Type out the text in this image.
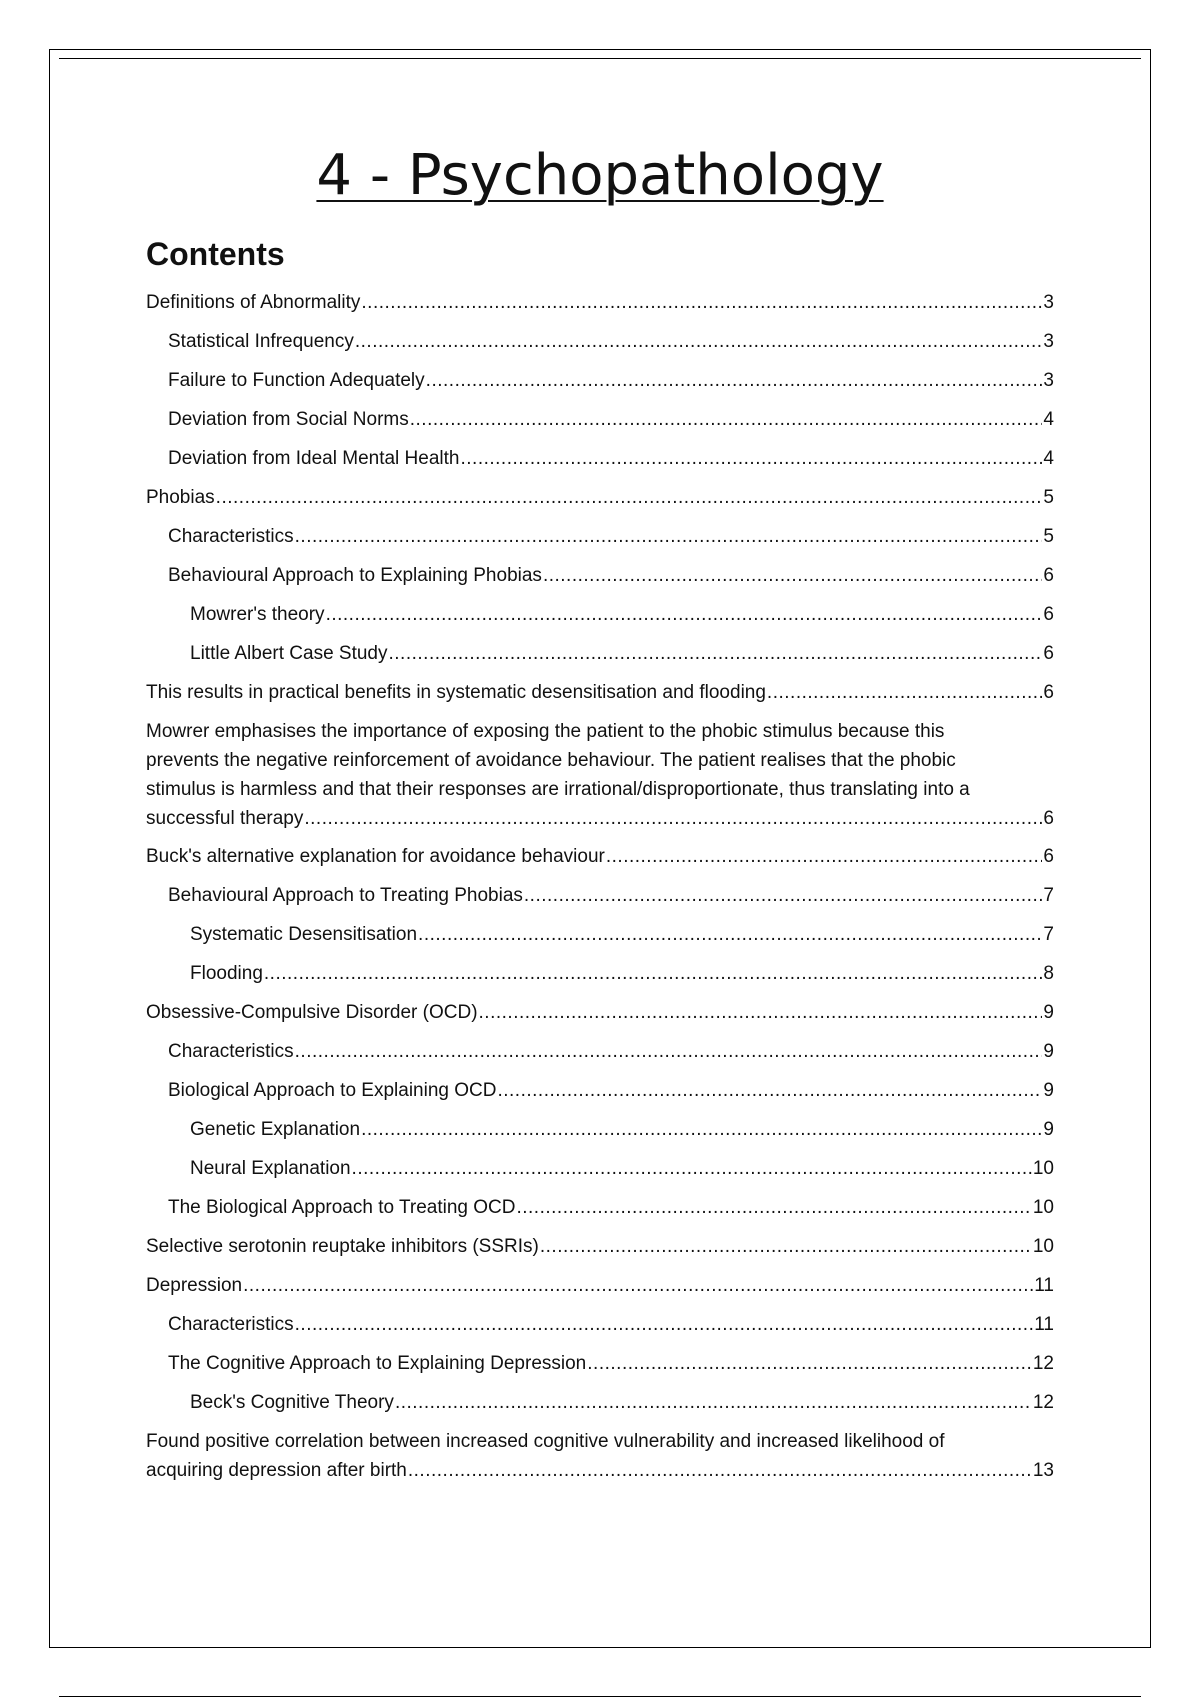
4 - Psychopathology
Contents
Definitions of Abnormality .....	3
Statistical Infrequency .....	3
Failure to Function Adequately .....	3
Deviation from Social Norms .....	4
Deviation from Ideal Mental Health .....	4
Phobias .....	5
Characteristics .....	5
Behavioural Approach to Explaining Phobias .....	6
Mowrer's theory .....	6
Little Albert Case Study .....	6
This results in practical benefits in systematic desensitisation and flooding .....	6
Mowrer emphasises the importance of exposing the patient to the phobic stimulus because this
prevents the negative reinforcement of avoidance behaviour. The patient realises that the phobic
stimulus is harmless and that their responses are irrational/disproportionate, thus translating into a
successful therapy .....	6
Buck's alternative explanation for avoidance behaviour .....	6
Behavioural Approach to Treating Phobias .....	7
Systematic Desensitisation .....	7
Flooding .....	8
Obsessive-Compulsive Disorder (OCD) .....	9
Characteristics .....	9
Biological Approach to Explaining OCD .....	9
Genetic Explanation .....	9
Neural Explanation .....	10
The Biological Approach to Treating OCD .....	10
Selective serotonin reuptake inhibitors (SSRIs) .....	10
Depression .....	11
Characteristics .....	11
The Cognitive Approach to Explaining Depression .....	12
Beck's Cognitive Theory .....	12
Found positive correlation between increased cognitive vulnerability and increased likelihood of
acquiring depression after birth .....	13
